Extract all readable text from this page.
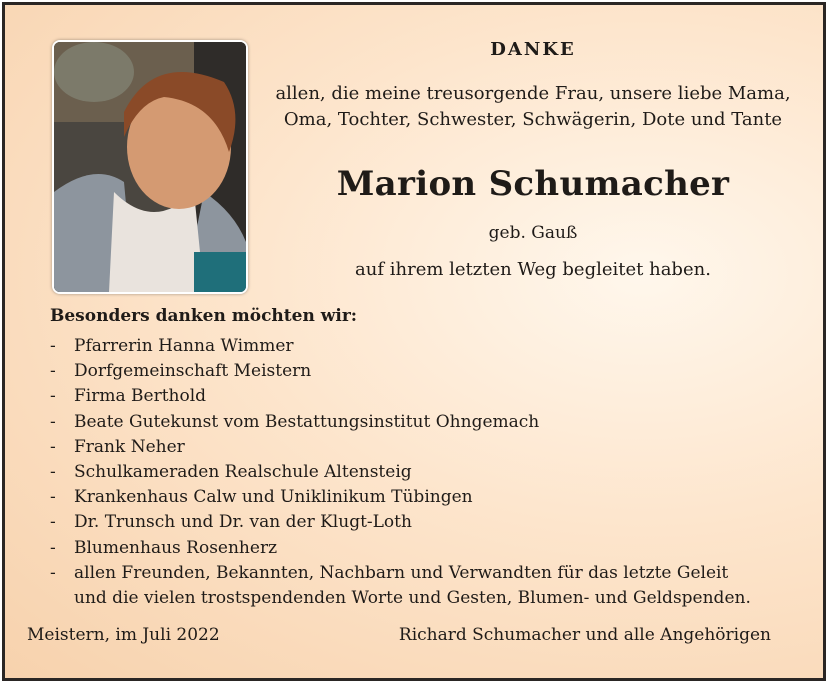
DANKE
allen, die meine treusorgende Frau, unsere liebe Mama,
Oma, Tochter, Schwester, Schwägerin, Dote und Tante
Marion Schumacher
geb. Gauß
auf ihrem letzten Weg begleitet haben.
Besonders danken möchten wir:
-	Pfarrerin Hanna Wimmer
-	Dorfgemeinschaft Meistern
-	Firma Berthold
-	Beate Gutekunst vom Bestattungsinstitut Ohngemach
-	Frank Neher
-	Schulkameraden Realschule Altensteig
-	Krankenhaus Calw und Uniklinikum Tübingen
-	Dr. Trunsch und Dr. van der Klugt-Loth
-	Blumenhaus Rosenherz
-	allen Freunden, Bekannten, Nachbarn und Verwandten für das letzte Geleit
und die vielen trostspendenden Worte und Gesten, Blumen- und Geldspenden.
Meistern, im Juli 2022	Richard Schumacher und alle Angehörigen
